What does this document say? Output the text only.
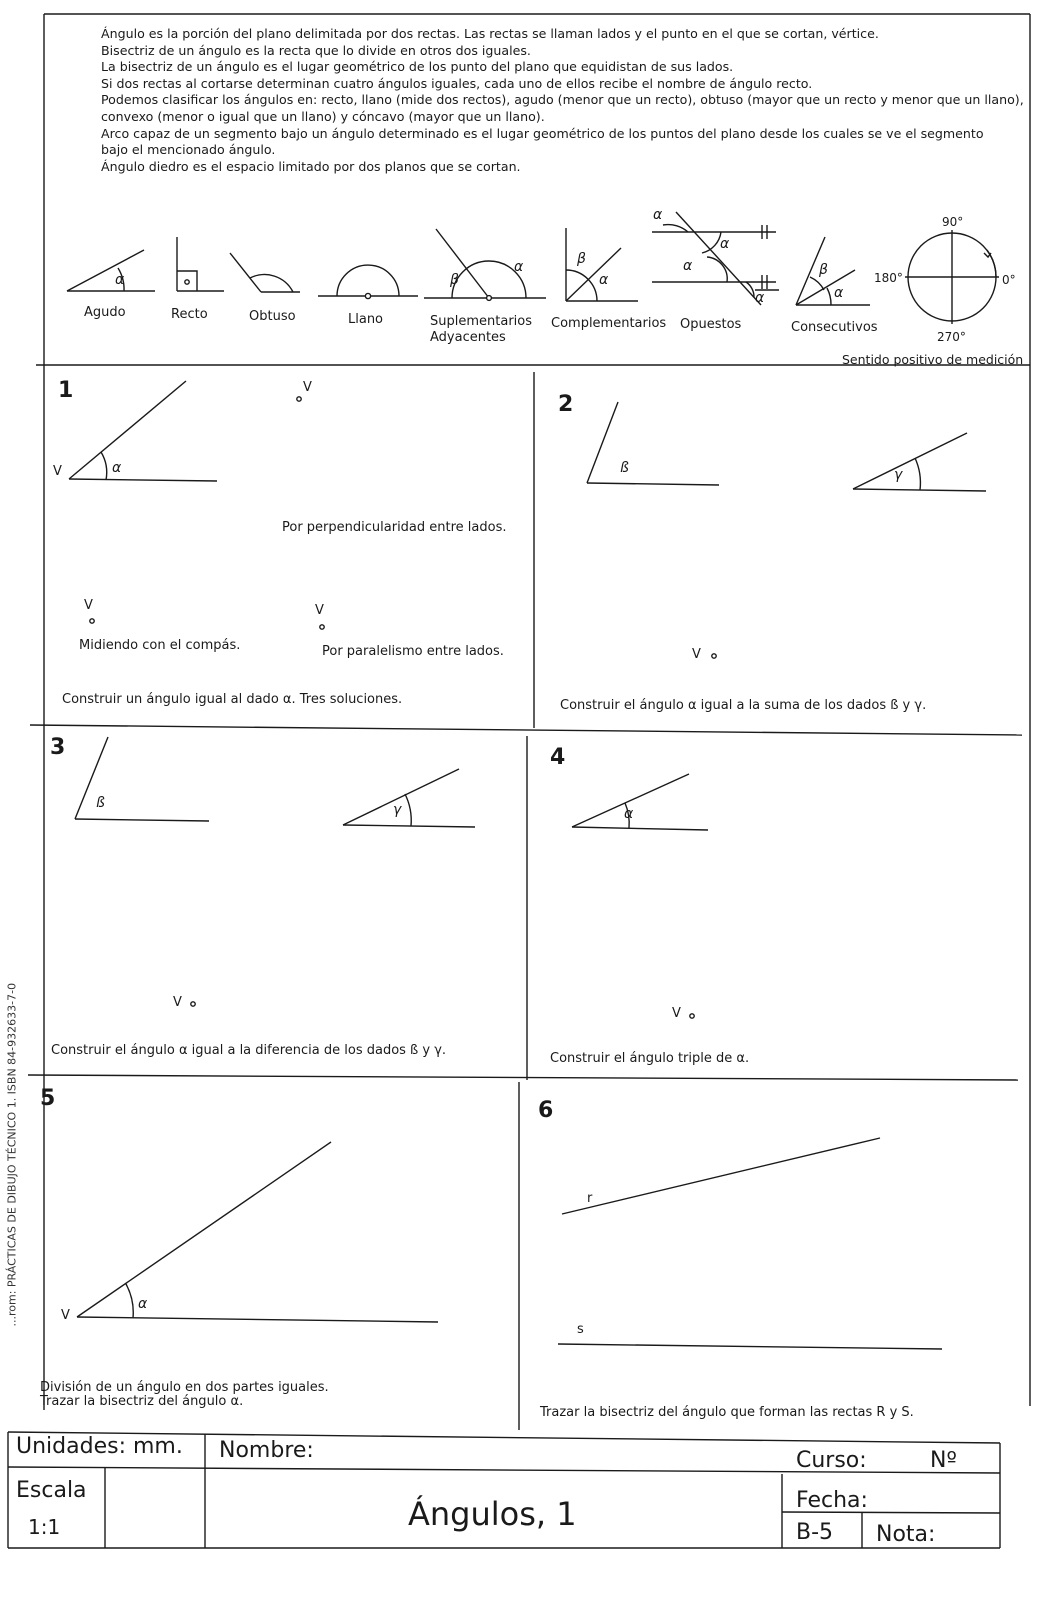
Ángulo es la porción del plano delimitada por dos rectas. Las rectas se llaman lados y el punto en el que se cortan, vértice.

Bisectriz de un ángulo es la recta que lo divide en otros dos iguales.

La bisectriz de un ángulo es el lugar geométrico de los punto del plano que equidistan de sus lados.

Si dos rectas al cortarse determinan cuatro ángulos iguales, cada uno de ellos recibe el nombre de ángulo recto.

Podemos clasificar los ángulos en: recto, llano (mide dos rectos), agudo (menor que un recto), obtuso (mayor que un recto y menor que un llano),

convexo (menor o igual que un llano) y cóncavo (mayor que un llano).

Arco capaz de un segmento bajo un ángulo determinado es el lugar geométrico de los puntos del plano desde los cuales se ve el segmento

bajo el mencionado ángulo.

Ángulo diedro es el espacio limitado por dos planos que se cortan.

Agudo	Recto	Obtuso	Llano	Suplementarios
Adyacentes
Complementarios Opuestos	Consecutivos
α	β
α	β
α
α
α
α
α
β
α
90°
180°	0°
270°
Sentido positivo de medición
1
V	α
V
Por perpendicularidad entre lados.
V	V
Midiendo con el compás.	Por paralelismo entre lados.
Construir un ángulo igual al dado α. Tres soluciones.
2
ß	γ
V
Construir el ángulo α igual a la suma de los dados ß y γ.
3
ß	γ
V
Construir el ángulo α igual a la diferencia de los dados ß y γ.
4
α
V
Construir el ángulo triple de α.
5
V
α
División de un ángulo en dos partes iguales.
Trazar la bisectriz del ángulo α.
6
r
s
Trazar la bisectriz del ángulo que forman las rectas R y S.
Unidades: mm. Nombre:	Curso:	Nº
Escala
1:1	Ángulos, 1	Fecha:
B-5 Nota:
...rom: PRÁCTICAS DE DIBUJO TÉCNICO 1. ISBN 84-932633-7-0
